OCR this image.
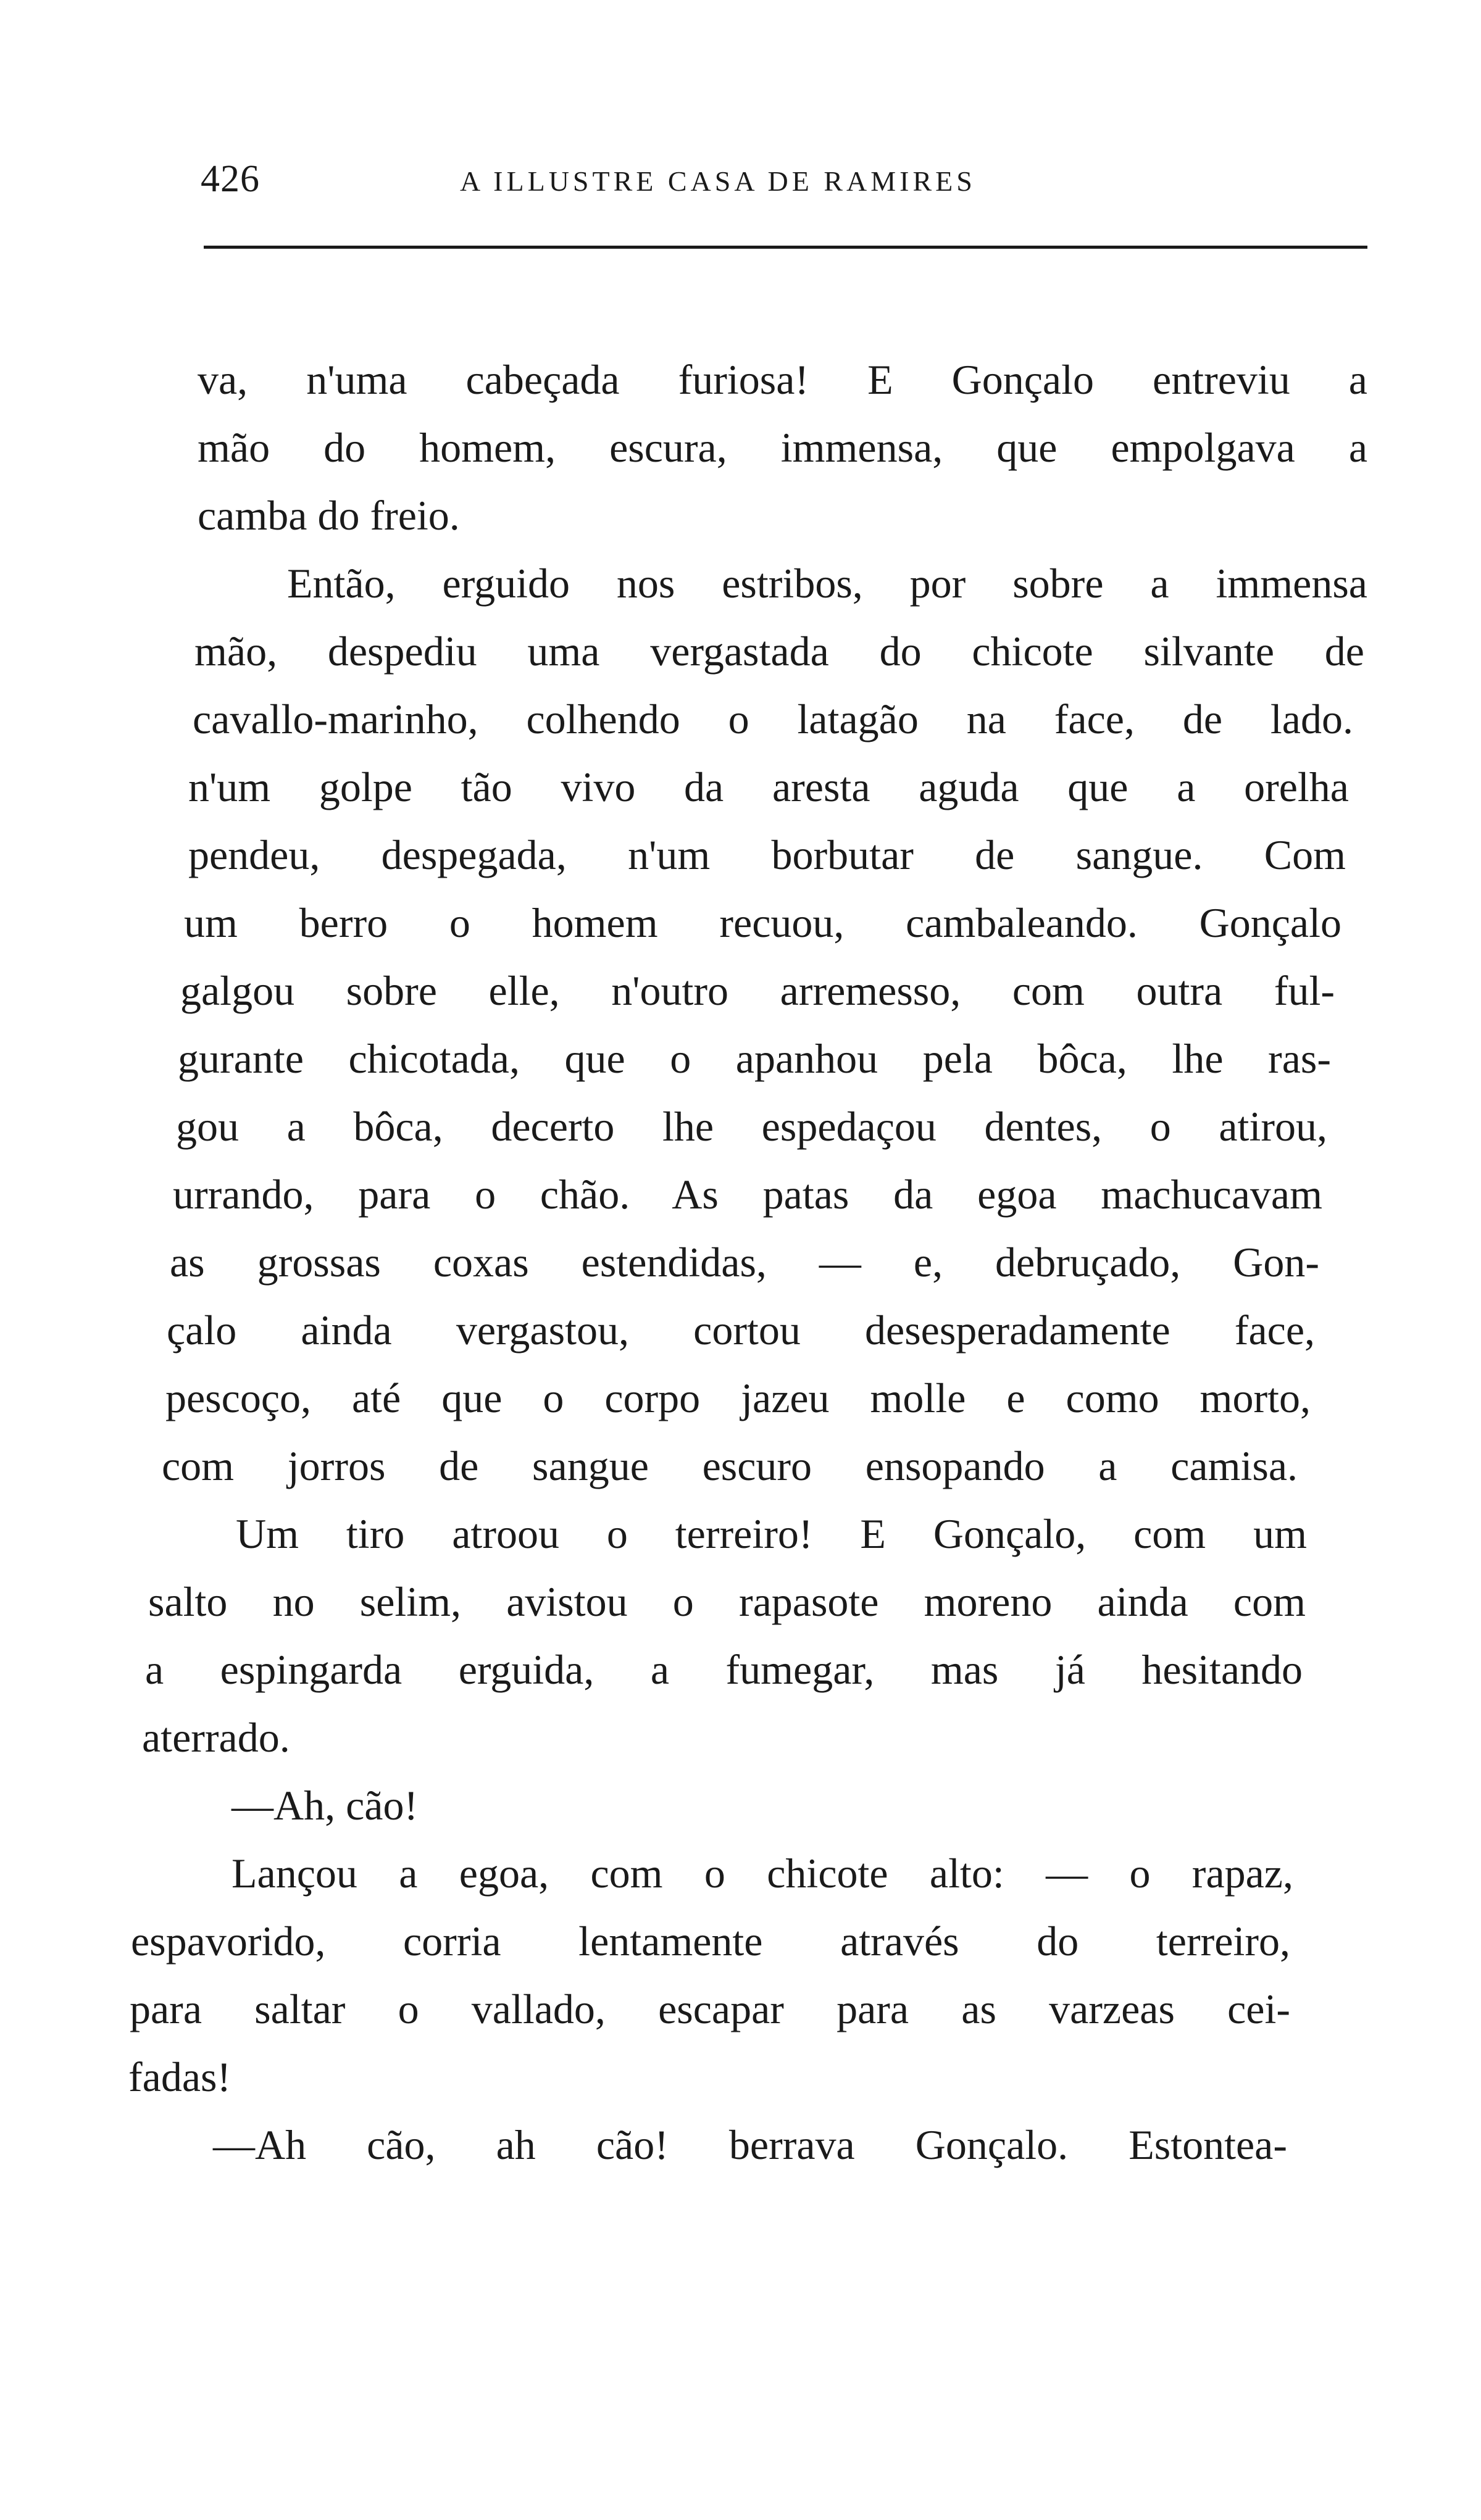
426	A ILLUSTRE CASA DE RAMIRES
va, n'uma cabeçada furiosa! E Gonçalo entreviu a
mão do homem, escura, immensa, que empolgava a
camba do freio.
Então, erguido nos estribos, por sobre a immensa
mão, despediu uma vergastada do chicote silvante de
cavallo-marinho, colhendo o latagão na face, de lado.
n'um golpe tão vivo da aresta aguda que a orelha
pendeu, despegada, n'um borbutar de sangue. Com
um berro o homem recuou, cambaleando. Gonçalo
galgou sobre elle, n'outro arremesso, com outra ful-
gurante chicotada, que o apanhou pela bôca, lhe ras-
gou a bôca, decerto lhe espedaçou dentes, o atirou,
urrando, para o chão. As patas da egoa machucavam
as grossas coxas estendidas, — e, debruçado, Gon-
çalo ainda vergastou, cortou desesperadamente face,
pescoço, até que o corpo jazeu molle e como morto,
com jorros de sangue escuro ensopando a camisa.
Um tiro atroou o terreiro! E Gonçalo, com um
salto no selim, avistou o rapasote moreno ainda com
a espingarda erguida, a fumegar, mas já hesitando
aterrado.
—Ah, cão!
Lançou a egoa, com o chicote alto: — o rapaz,
espavorido, corria lentamente através do terreiro,
para saltar o vallado, escapar para as varzeas cei-
fadas!
—Ah cão, ah cão! berrava Gonçalo. Estontea-
